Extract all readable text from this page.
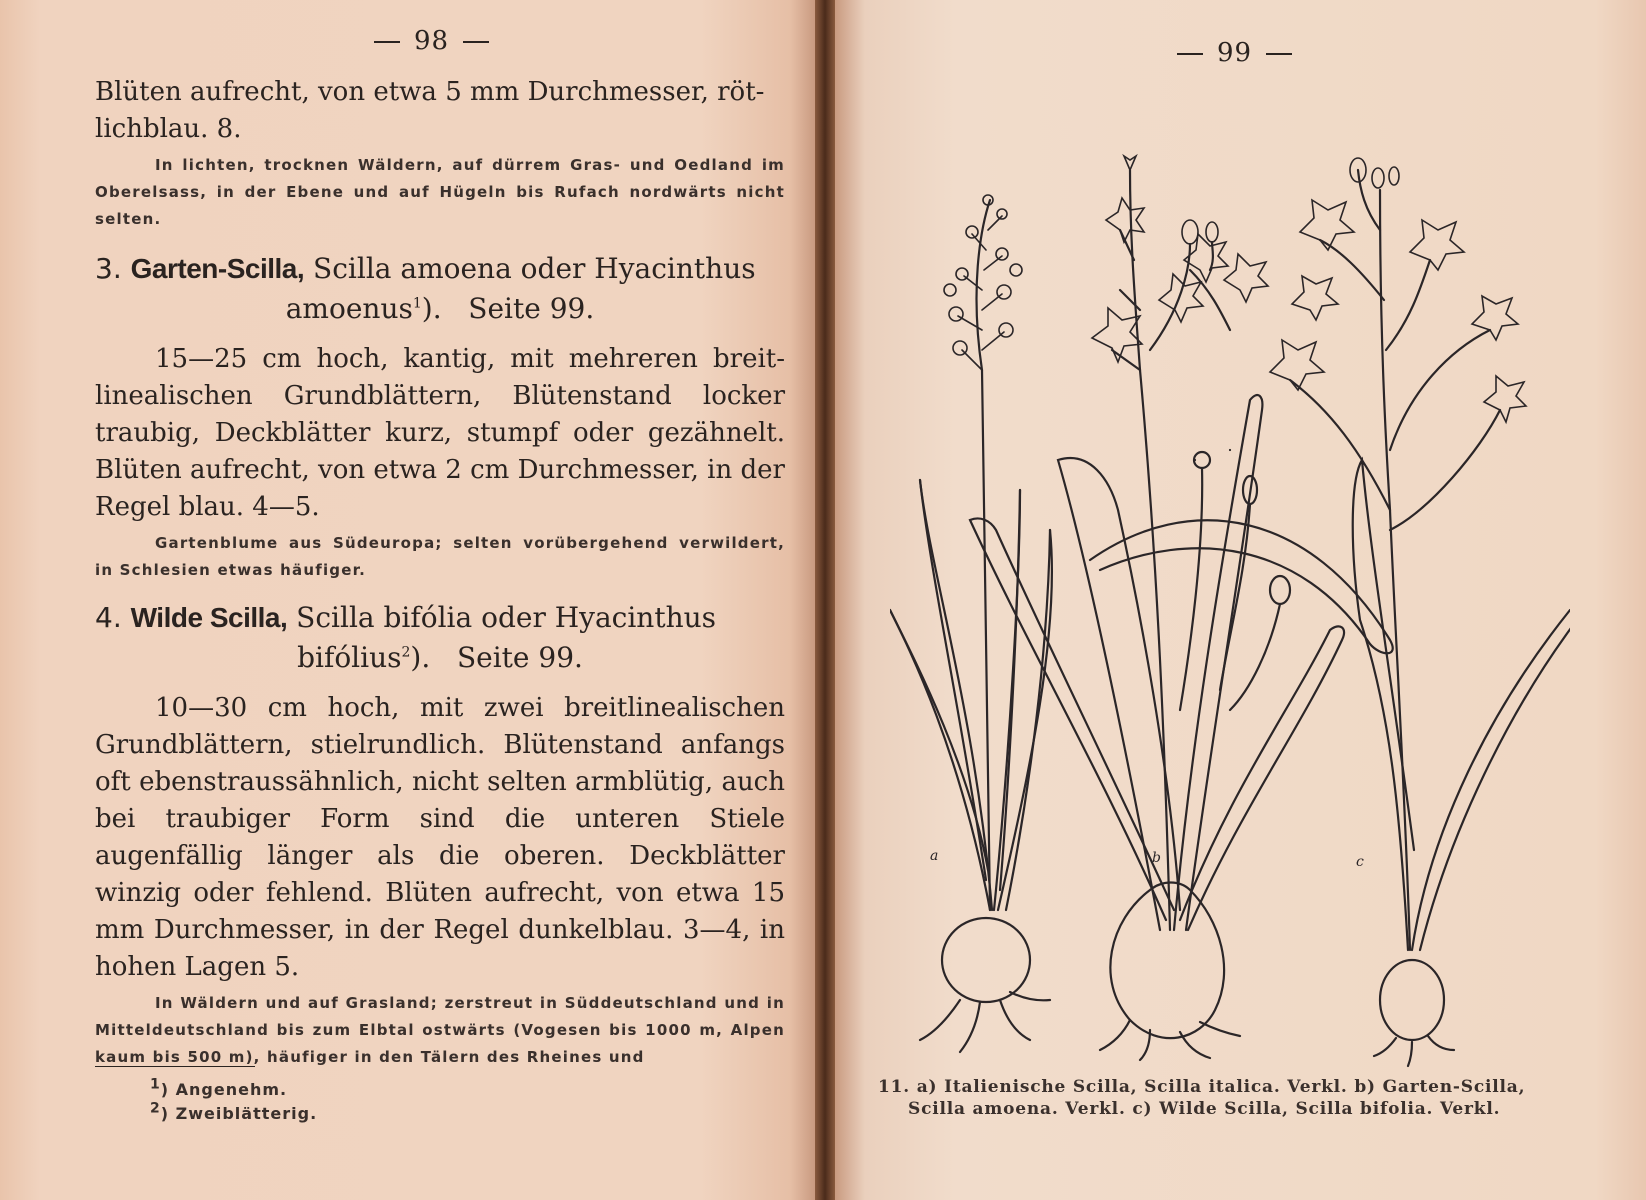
98

Blüten aufrecht, von etwa 5 mm Durchmesser, röt-

lichblau. 8.

In lichten, trocknen Wäldern, auf dürrem Gras- und Oedland im Oberelsass, in der Ebene und auf Hügeln bis Rufach nordwärts nicht selten.

3. Garten-Scilla, Scilla amoena oder Hyacinthus

amoenus$^1$). Seite 99.

15—25 cm hoch, kantig, mit mehreren breit-linealischen Grundblättern, Blütenstand locker traubig, Deckblätter kurz, stumpf oder gezähnelt. Blüten aufrecht, von etwa 2 cm Durchmesser, in der Regel blau. 4—5.

Gartenblume aus Südeuropa; selten vorübergehend verwildert, in Schlesien etwas häufiger.

4. Wilde Scilla, Scilla bifólia oder Hyacinthus

bifólius$^2$). Seite 99.

10—30 cm hoch, mit zwei breitlinealischen Grundblättern, stielrundlich. Blütenstand anfangs oft ebenstraussähnlich, nicht selten armblütig, auch bei traubiger Form sind die unteren Stiele augenfällig länger als die oberen. Deckblätter winzig oder fehlend. Blüten aufrecht, von etwa 15 mm Durchmesser, in der Regel dunkelblau. 3—4, in hohen Lagen 5.

In Wäldern und auf Grasland; zerstreut in Süddeutschland und in Mitteldeutschland bis zum Elbtal ostwärts (Vogesen bis 1000 m, Alpen kaum bis 500 m), häufiger in den Tälern des Rheines und

$^1$) Angenehm.
$^2$) Zweiblätterig.
99
a	b	c

11. a) Italienische Scilla, Scilla italica. Verkl. b) Garten-Scilla,

Scilla amoena. Verkl. c) Wilde Scilla, Scilla bifolia. Verkl.
